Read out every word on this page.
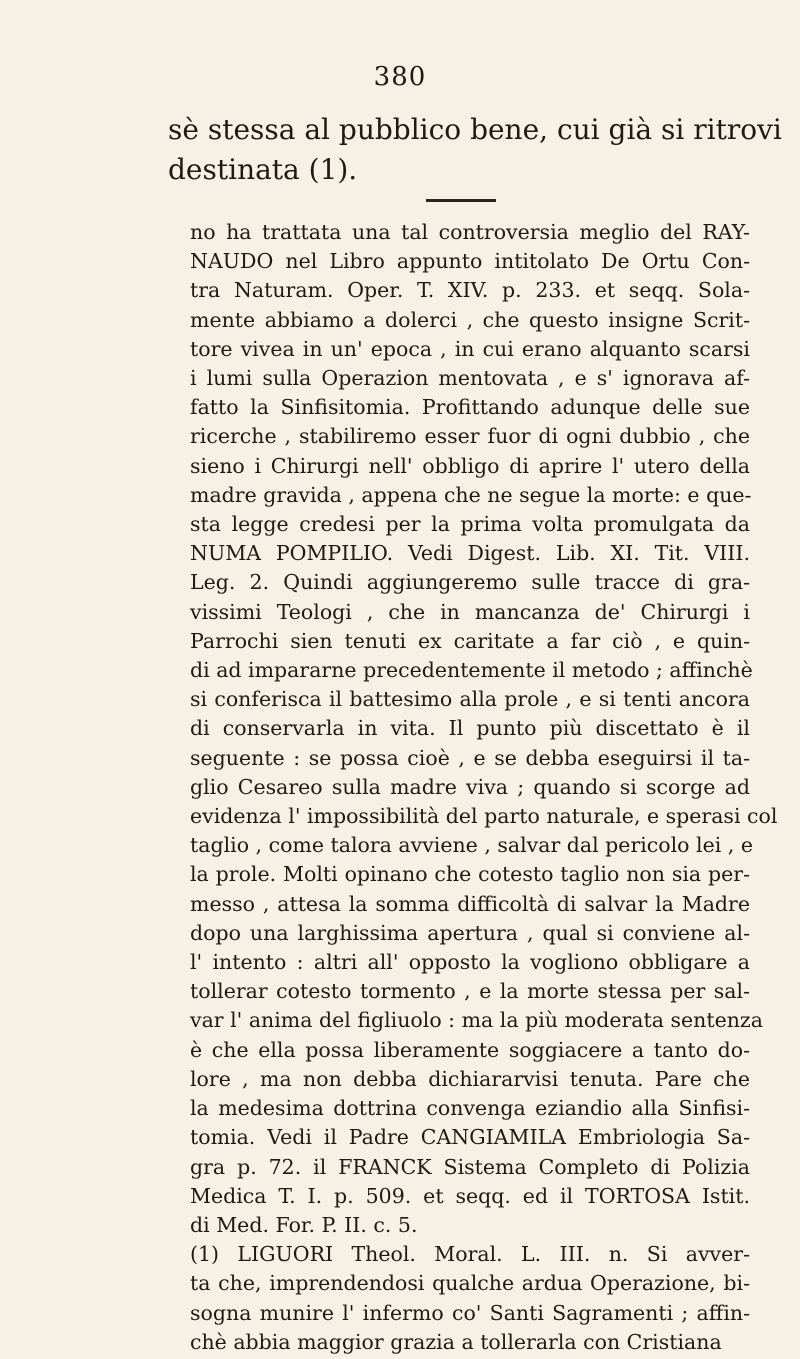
380
sè stessa al pubblico bene, cui già si ritrovi
destinata (1).
no ha trattata una tal controversia meglio del RAY-
NAUDO nel Libro appunto intitolato De Ortu Con-
tra Naturam. Oper. T. XIV. p. 233. et seqq. Sola-
mente abbiamo a dolerci , che questo insigne Scrit-
tore vivea in un' epoca , in cui erano alquanto scarsi
i lumi sulla Operazion mentovata , e s' ignorava af-
fatto la Sinfisitomia. Profittando adunque delle sue
ricerche , stabiliremo esser fuor di ogni dubbio , che
sieno i Chirurgi nell' obbligo di aprire l' utero della
madre gravida , appena che ne segue la morte: e que-
sta legge credesi per la prima volta promulgata da
NUMA POMPILIO. Vedi Digest. Lib. XI. Tit. VIII.
Leg. 2. Quindi aggiungeremo sulle tracce di gra-
vissimi Teologi , che in mancanza de' Chirurgi i
Parrochi sien tenuti ex caritate a far ciò , e quin-
di ad impararne precedentemente il metodo ; affinchè
si conferisca il battesimo alla prole , e si tenti ancora
di conservarla in vita. Il punto più discettato è il
seguente : se possa cioè , e se debba eseguirsi il ta-
glio Cesareo sulla madre viva ; quando si scorge ad
evidenza l' impossibilità del parto naturale, e sperasi col
taglio , come talora avviene , salvar dal pericolo lei , e
la prole. Molti opinano che cotesto taglio non sia per-
messo , attesa la somma difficoltà di salvar la Madre
dopo una larghissima apertura , qual si conviene al-
l' intento : altri all' opposto la vogliono obbligare a
tollerar cotesto tormento , e la morte stessa per sal-
var l' anima del figliuolo : ma la più moderata sentenza
è che ella possa liberamente soggiacere a tanto do-
lore , ma non debba dichiararvisi tenuta. Pare che
la medesima dottrina convenga eziandio alla Sinfisi-
tomia. Vedi il Padre CANGIAMILA Embriologia Sa-
gra p. 72. il FRANCK Sistema Completo di Polizia
Medica T. I. p. 509. et seqq. ed il TORTOSA Istit.
di Med. For. P. II. c. 5.
(1) LIGUORI Theol. Moral. L. III. n. Si avver-
ta che, imprendendosi qualche ardua Operazione, bi-
sogna munire l' infermo co' Santi Sagramenti ; affin-
chè abbia maggior grazia a tollerarla con Cristiana
